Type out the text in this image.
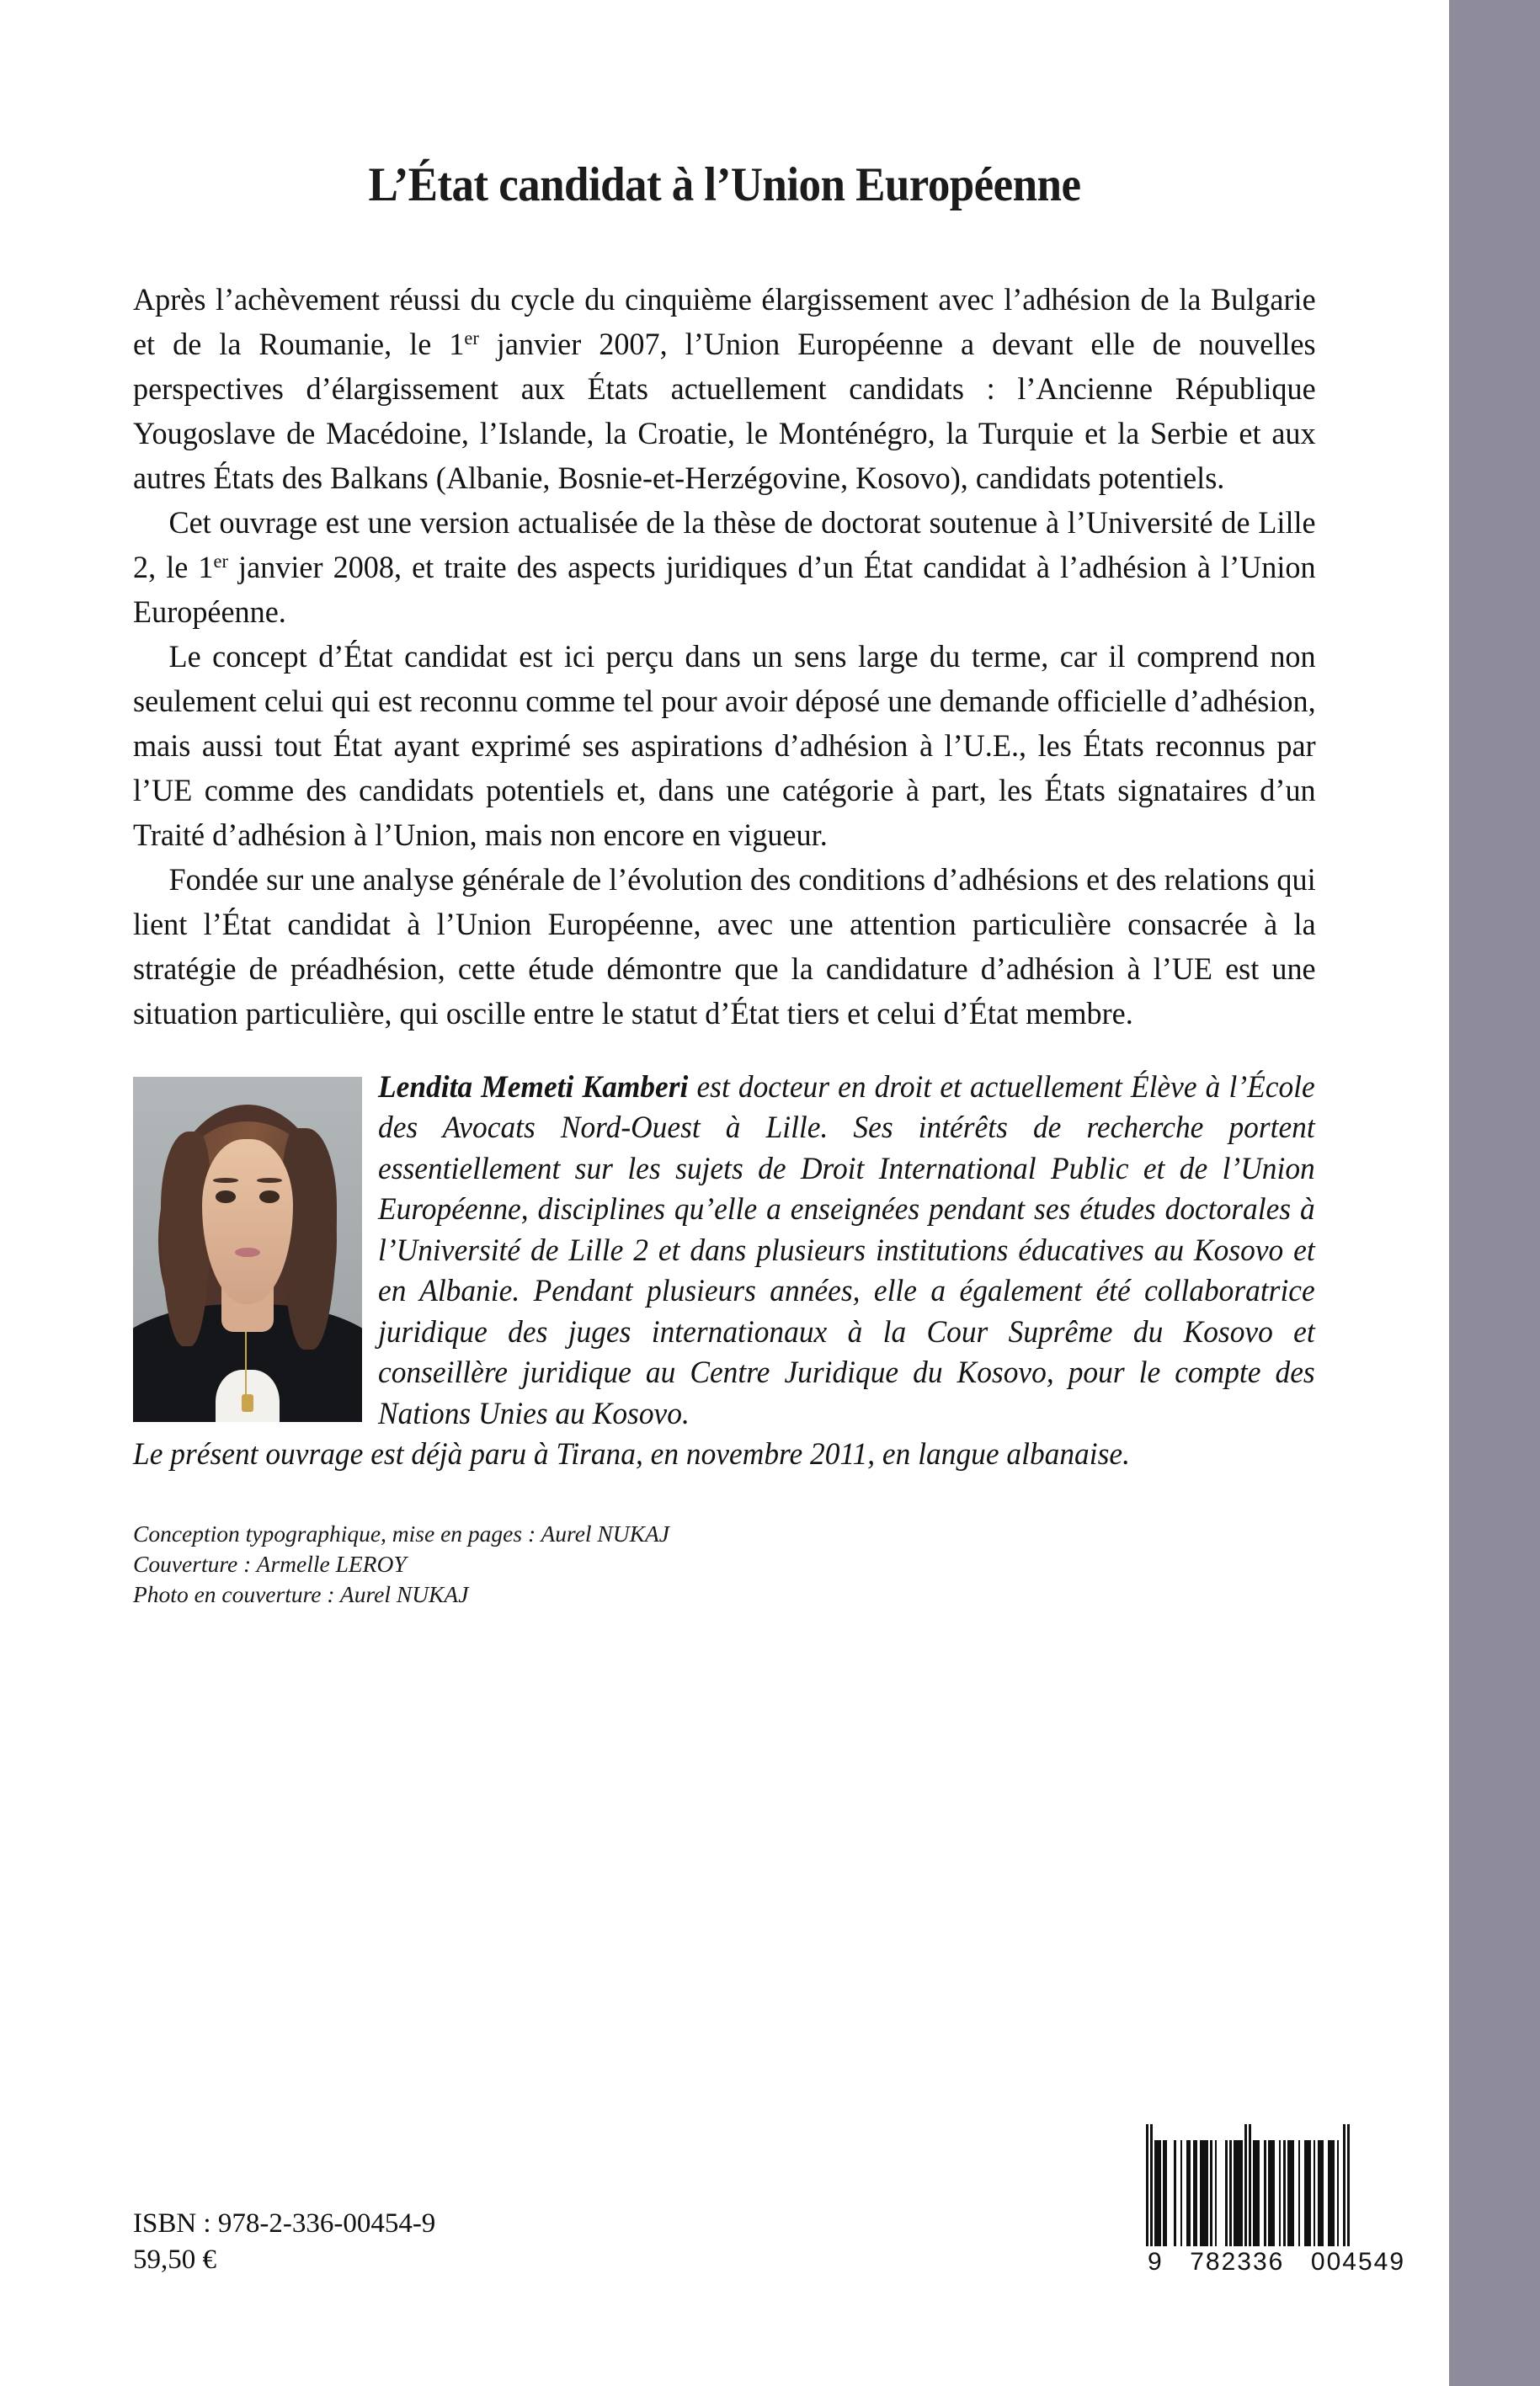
L’État candidat à l’Union Européenne

Après l’achèvement réussi du cycle du cinquième élargissement avec l’adhésion de la Bulgarie et de la Roumanie, le 1er janvier 2007, l’Union Européenne a devant elle de nouvelles perspectives d’élargissement aux États actuellement candidats : l’Ancienne République Yougoslave de Macédoine, l’Islande, la Croatie, le Monténégro, la Turquie et la Serbie et aux autres États des Balkans (Albanie, Bosnie-et-Herzégovine, Kosovo), candidats potentiels.

Cet ouvrage est une version actualisée de la thèse de doctorat soutenue à l’Université de Lille 2, le 1er janvier 2008, et traite des aspects juridiques d’un État candidat à l’adhésion à l’Union Européenne.

Le concept d’État candidat est ici perçu dans un sens large du terme, car il comprend non seulement celui qui est reconnu comme tel pour avoir déposé une demande officielle d’adhésion, mais aussi tout État ayant exprimé ses aspirations d’adhésion à l’U.E., les États reconnus par l’UE comme des candidats potentiels et, dans une catégorie à part, les États signataires d’un Traité d’adhésion à l’Union, mais non encore en vigueur.

Fondée sur une analyse générale de l’évolution des conditions d’adhésions et des relations qui lient l’État candidat à l’Union Européenne, avec une attention particulière consacrée à la stratégie de préadhésion, cette étude démontre que la candidature d’adhésion à l’UE est une situation particulière, qui oscille entre le statut d’État tiers et celui d’État membre.

Lendita Memeti Kamberi est docteur en droit et actuellement Élève à l’École des Avocats Nord-Ouest à Lille. Ses intérêts de recherche portent essentiellement sur les sujets de Droit International Public et de l’Union Européenne, disciplines qu’elle a enseignées pendant ses études doctorales à l’Université de Lille 2 et dans plusieurs institutions éducatives au Kosovo et en Albanie. Pendant plusieurs années, elle a également été collaboratrice juridique des juges internationaux à la Cour Suprême du Kosovo et conseillère juridique au Centre Juridique du Kosovo, pour le compte des Nations Unies au Kosovo.

Le présent ouvrage est déjà paru à Tirana, en novembre 2011, en langue albanaise.

Conception typographique, mise en pages : Aurel NUKAJ
Couverture : Armelle LEROY
Photo en couverture : Aurel NUKAJ
ISBN : 978-2-336-00454-9
59,50 €	9 782336 004549
